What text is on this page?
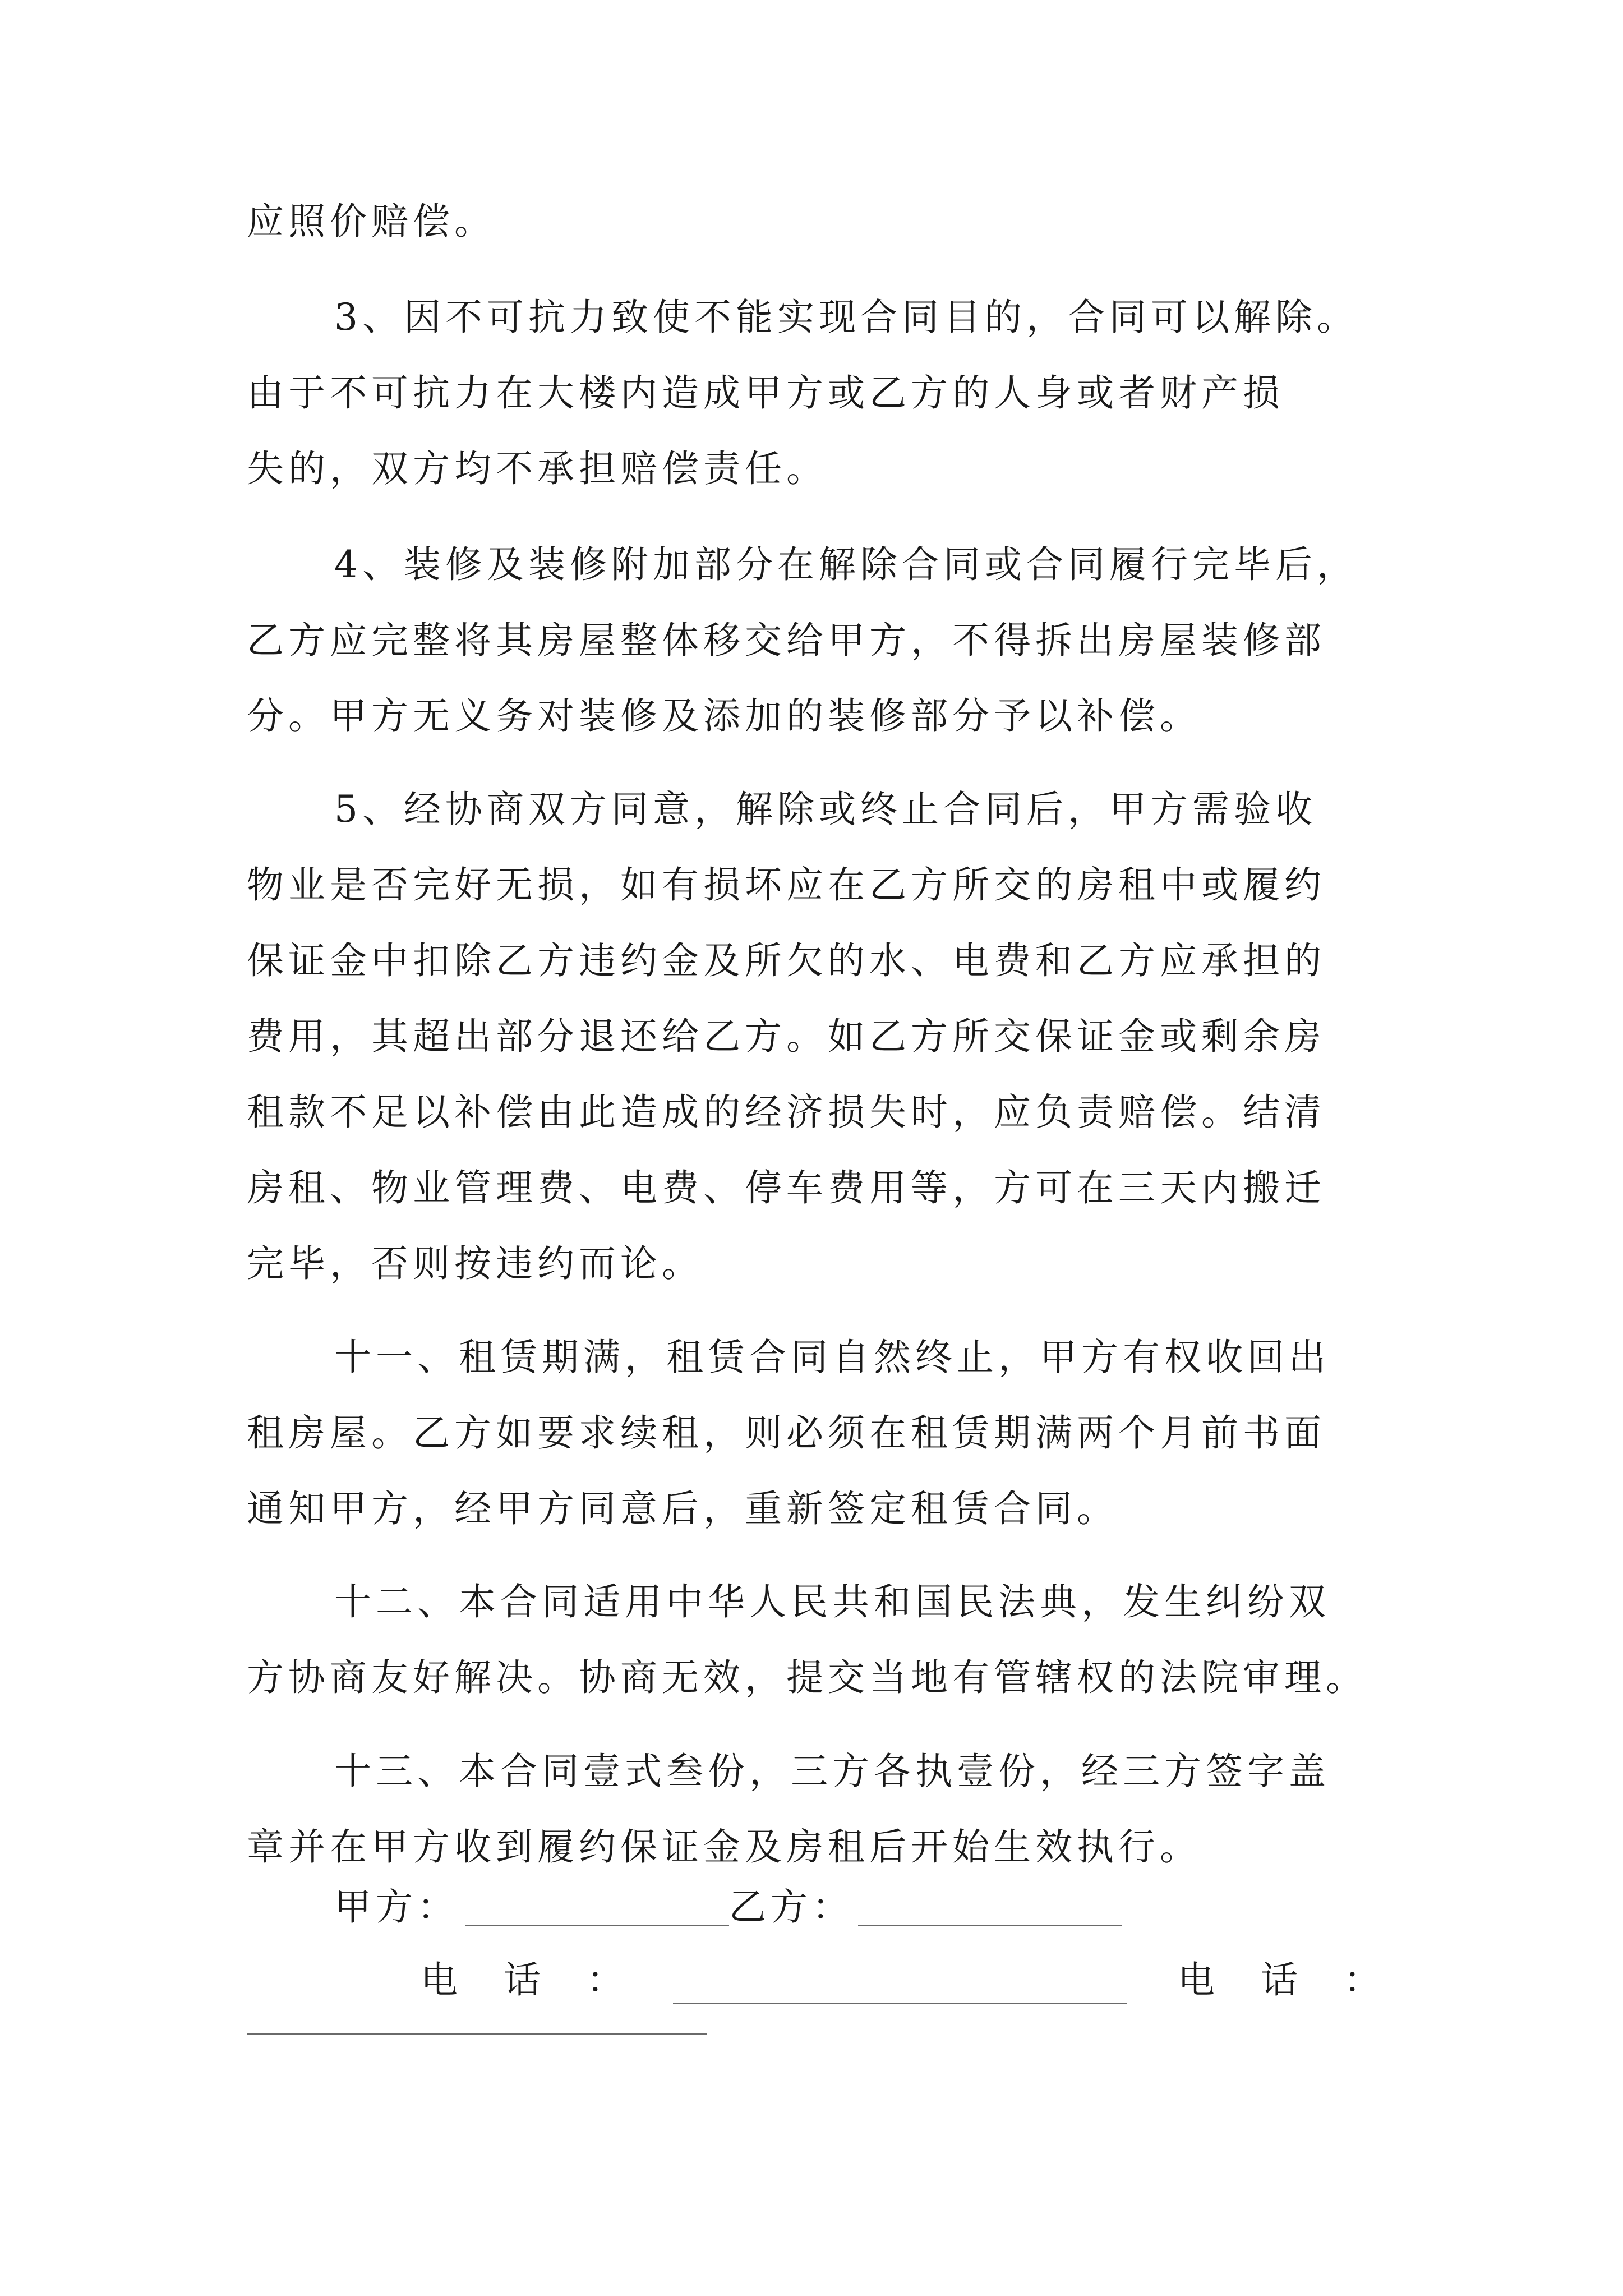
应照价赔偿。
3、因不可抗力致使不能实现合同目的，合同可以解除。
由于不可抗力在大楼内造成甲方或乙方的人身或者财产损
失的，双方均不承担赔偿责任。
4、装修及装修附加部分在解除合同或合同履行完毕后，
乙方应完整将其房屋整体移交给甲方，不得拆出房屋装修部
分。甲方无义务对装修及添加的装修部分予以补偿。
5、经协商双方同意，解除或终止合同后，甲方需验收
物业是否完好无损，如有损坏应在乙方所交的房租中或履约
保证金中扣除乙方违约金及所欠的水、电费和乙方应承担的
费用，其超出部分退还给乙方。如乙方所交保证金或剩余房
租款不足以补偿由此造成的经济损失时，应负责赔偿。结清
房租、物业管理费、电费、停车费用等，方可在三天内搬迁
完毕，否则按违约而论。
十一、租赁期满，租赁合同自然终止，甲方有权收回出
租房屋。乙方如要求续租，则必须在租赁期满两个月前书面
通知甲方，经甲方同意后，重新签定租赁合同。
十二、本合同适用中华人民共和国民法典，发生纠纷双
方协商友好解决。协商无效，提交当地有管辖权的法院审理。
十三、本合同壹式叁份，三方各执壹份，经三方签字盖
章并在甲方收到履约保证金及房租后开始生效执行。
甲方：	乙方：
电　话　：	电　话　：
